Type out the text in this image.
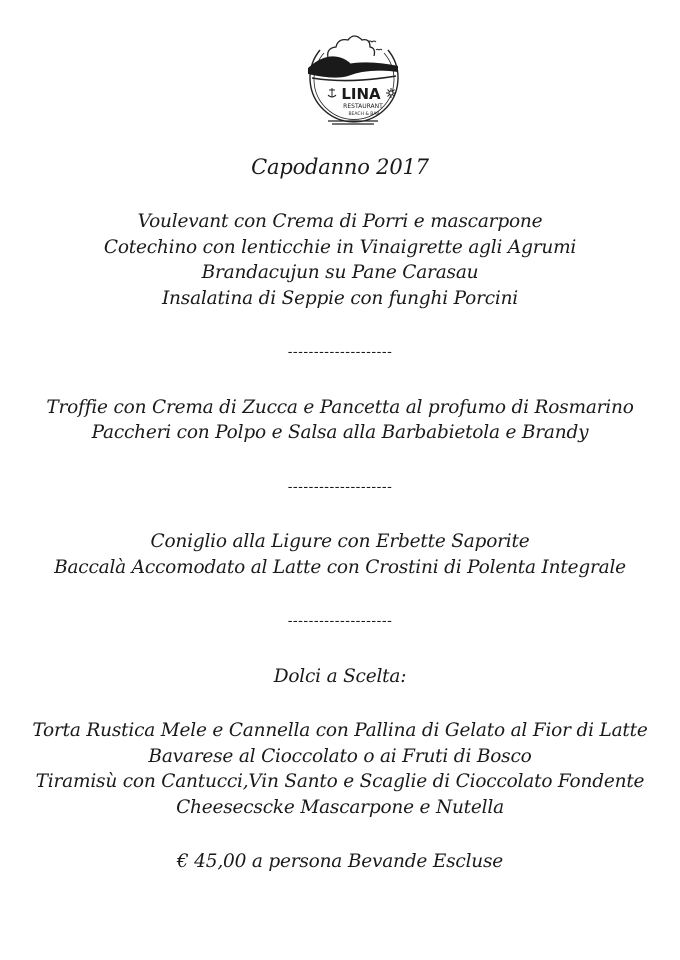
LINA
RESTAURANT
BEACH & BAR
Capodanno 2017
Voulevant con Crema di Porri e mascarpone
Cotechino con lenticchie in Vinaigrette agli Agrumi
Brandacujun su Pane Carasau
Insalatina di Seppie con funghi Porcini
--------------------
Troffie con Crema di Zucca e Pancetta al profumo di Rosmarino
Paccheri con Polpo e Salsa alla Barbabietola e Brandy
--------------------
Coniglio alla Ligure con Erbette Saporite
Baccalà Accomodato al Latte con Crostini di Polenta Integrale
--------------------
Dolci a Scelta:
Torta Rustica Mele e Cannella con Pallina di Gelato al Fior di Latte
Bavarese al Cioccolato o ai Fruti di Bosco
Tiramisù con Cantucci,Vin Santo e Scaglie di Cioccolato Fondente
Cheesecscke Mascarpone e Nutella
€ 45,00 a persona Bevande Escluse
